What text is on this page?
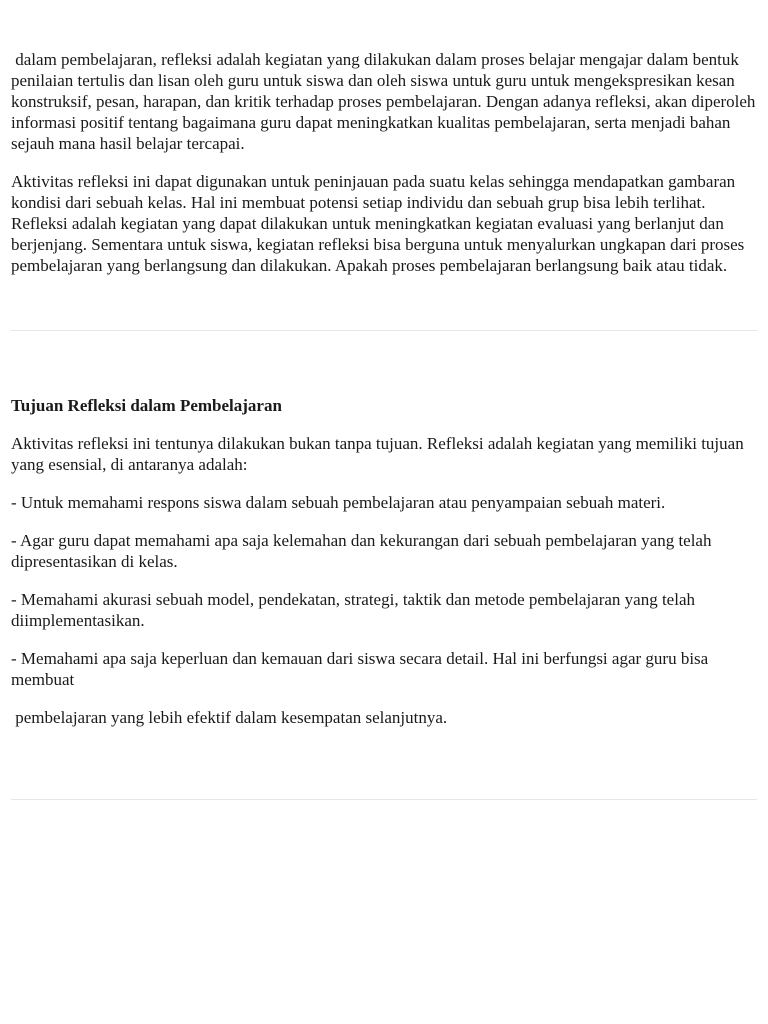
dalam pembelajaran, refleksi adalah kegiatan yang dilakukan dalam proses belajar mengajar dalam bentuk penilaian tertulis dan lisan oleh guru untuk siswa dan oleh siswa untuk guru untuk mengekspresikan kesan konstruksif, pesan, harapan, dan kritik terhadap proses pembelajaran. Dengan adanya refleksi, akan diperoleh informasi positif tentang bagaimana guru dapat meningkatkan kualitas pembelajaran, serta menjadi bahan sejauh mana hasil belajar tercapai.

Aktivitas refleksi ini dapat digunakan untuk peninjauan pada suatu kelas sehingga mendapatkan gambaran kondisi dari sebuah kelas. Hal ini membuat potensi setiap individu dan sebuah grup bisa lebih terlihat. Refleksi adalah kegiatan yang dapat dilakukan untuk meningkatkan kegiatan evaluasi yang berlanjut dan berjenjang. Sementara untuk siswa, kegiatan refleksi bisa berguna untuk menyalurkan ungkapan dari proses pembelajaran yang berlangsung dan dilakukan. Apakah proses pembelajaran berlangsung baik atau tidak.

Tujuan Refleksi dalam Pembelajaran

Aktivitas refleksi ini tentunya dilakukan bukan tanpa tujuan. Refleksi adalah kegiatan yang memiliki tujuan yang esensial, di antaranya adalah:

- Untuk memahami respons siswa dalam sebuah pembelajaran atau penyampaian sebuah materi.

- Agar guru dapat memahami apa saja kelemahan dan kekurangan dari sebuah pembelajaran yang telah dipresentasikan di kelas.

- Memahami akurasi sebuah model, pendekatan, strategi, taktik dan metode pembelajaran yang telah diimplementasikan.

- Memahami apa saja keperluan dan kemauan dari siswa secara detail. Hal ini berfungsi agar guru bisa membuat

pembelajaran yang lebih efektif dalam kesempatan selanjutnya.
